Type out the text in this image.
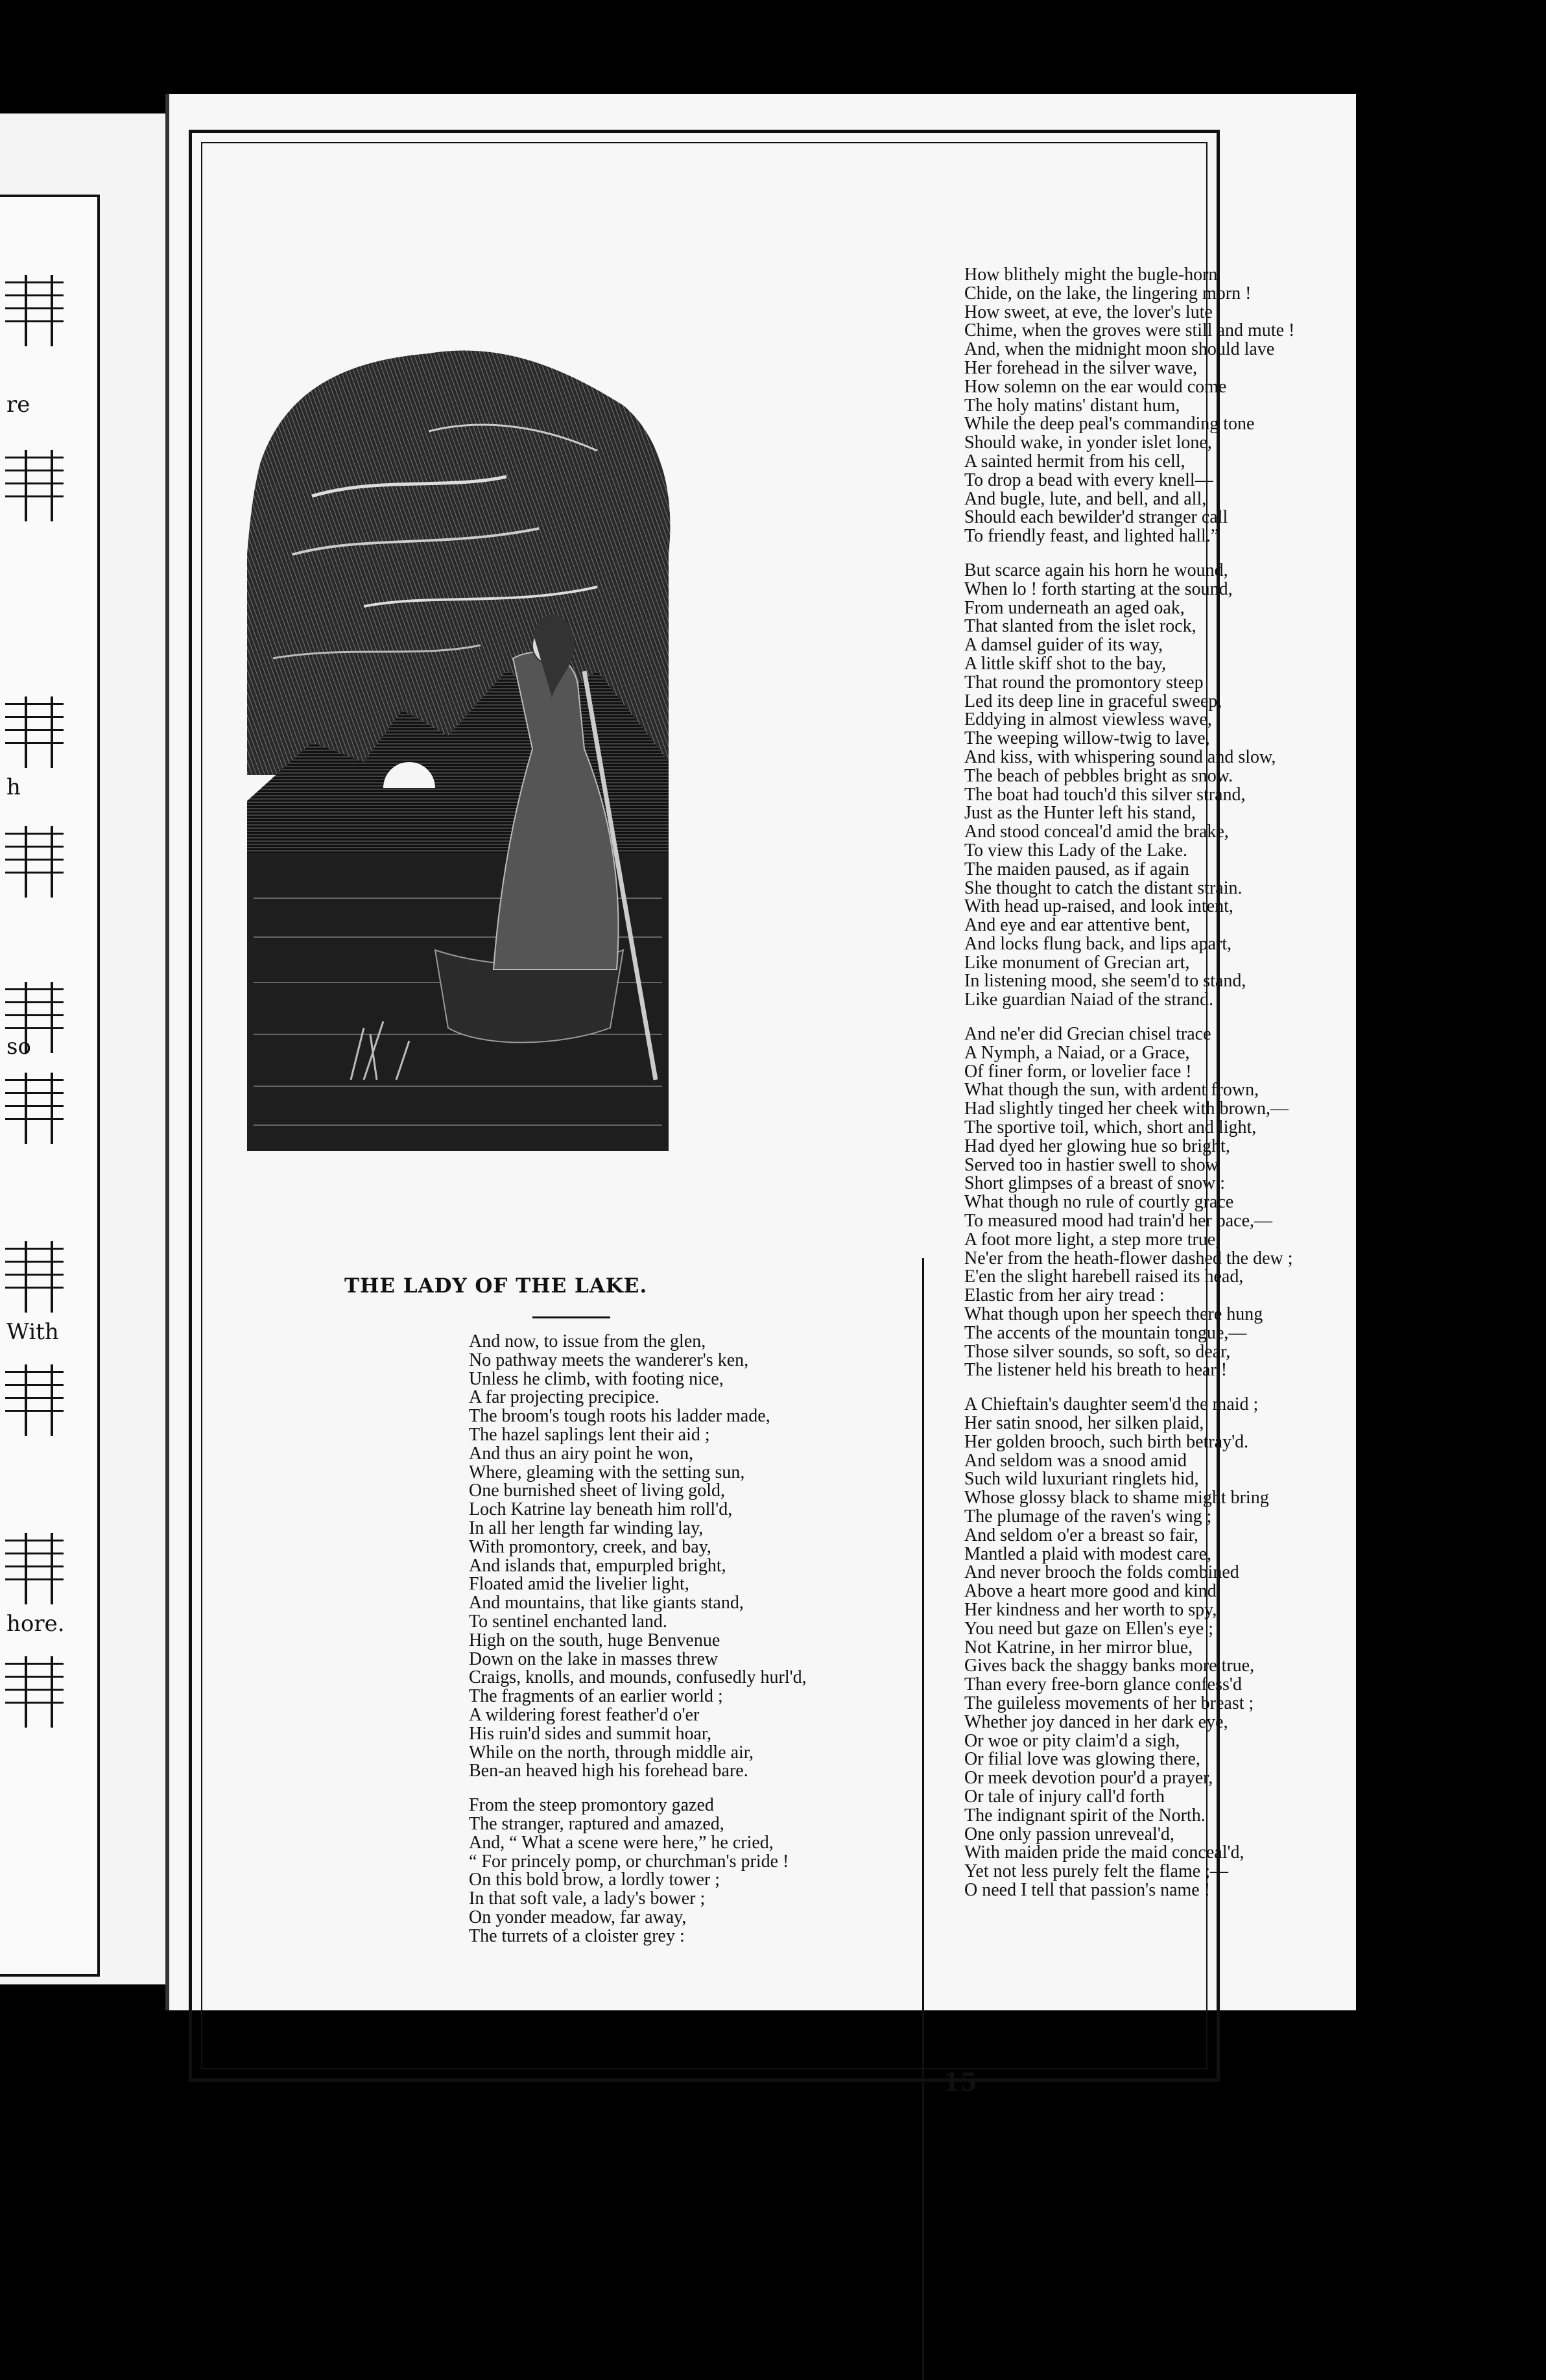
re
h
so
With
hore.
THE LADY OF THE LAKE.

And now, to issue from the glen,

No pathway meets the wanderer's ken,

Unless he climb, with footing nice,

A far projecting precipice.

The broom's tough roots his ladder made,

The hazel saplings lent their aid ;

And thus an airy point he won,

Where, gleaming with the setting sun,

One burnished sheet of living gold,

Loch Katrine lay beneath him roll'd,

In all her length far winding lay,

With promontory, creek, and bay,

And islands that, empurpled bright,

Floated amid the livelier light,

And mountains, that like giants stand,

To sentinel enchanted land.

High on the south, huge Benvenue

Down on the lake in masses threw

Craigs, knolls, and mounds, confusedly hurl'd,

The fragments of an earlier world ;

A wildering forest feather'd o'er

His ruin'd sides and summit hoar,

While on the north, through middle air,

Ben-an heaved high his forehead bare.

From the steep promontory gazed

The stranger, raptured and amazed,

And, “ What a scene were here,” he cried,

“ For princely pomp, or churchman's pride !

On this bold brow, a lordly tower ;

In that soft vale, a lady's bower ;

On yonder meadow, far away,

The turrets of a cloister grey :

How blithely might the bugle-horn

Chide, on the lake, the lingering morn !

How sweet, at eve, the lover's lute

Chime, when the groves were still and mute !

And, when the midnight moon should lave

Her forehead in the silver wave,

How solemn on the ear would come

The holy matins' distant hum,

While the deep peal's commanding tone

Should wake, in yonder islet lone,

A sainted hermit from his cell,

To drop a bead with every knell—

And bugle, lute, and bell, and all,

Should each bewilder'd stranger call

To friendly feast, and lighted hall.”

But scarce again his horn he wound,

When lo ! forth starting at the sound,

From underneath an aged oak,

That slanted from the islet rock,

A damsel guider of its way,

A little skiff shot to the bay,

That round the promontory steep

Led its deep line in graceful sweep,

Eddying in almost viewless wave,

The weeping willow-twig to lave,

And kiss, with whispering sound and slow,

The beach of pebbles bright as snow.

The boat had touch'd this silver strand,

Just as the Hunter left his stand,

And stood conceal'd amid the brake,

To view this Lady of the Lake.

The maiden paused, as if again

She thought to catch the distant strain.

With head up-raised, and look intent,

And eye and ear attentive bent,

And locks flung back, and lips apart,

Like monument of Grecian art,

In listening mood, she seem'd to stand,

Like guardian Naiad of the strand.

And ne'er did Grecian chisel trace

A Nymph, a Naiad, or a Grace,

Of finer form, or lovelier face !

What though the sun, with ardent frown,

Had slightly tinged her cheek with brown,—

The sportive toil, which, short and light,

Had dyed her glowing hue so bright,

Served too in hastier swell to show

Short glimpses of a breast of snow :

What though no rule of courtly grace

To measured mood had train'd her pace,—

A foot more light, a step more true,

Ne'er from the heath-flower dashed the dew ;

E'en the slight harebell raised its head,

Elastic from her airy tread :

What though upon her speech there hung

The accents of the mountain tongue,—

Those silver sounds, so soft, so dear,

The listener held his breath to hear !

A Chieftain's daughter seem'd the maid ;

Her satin snood, her silken plaid,

Her golden brooch, such birth betray'd.

And seldom was a snood amid

Such wild luxuriant ringlets hid,

Whose glossy black to shame might bring

The plumage of the raven's wing ;

And seldom o'er a breast so fair,

Mantled a plaid with modest care,

And never brooch the folds combined

Above a heart more good and kind.

Her kindness and her worth to spy,

You need but gaze on Ellen's eye ;

Not Katrine, in her mirror blue,

Gives back the shaggy banks more true,

Than every free-born glance confess'd

The guileless movements of her breast ;

Whether joy danced in her dark eye,

Or woe or pity claim'd a sigh,

Or filial love was glowing there,

Or meek devotion pour'd a prayer,

Or tale of injury call'd forth

The indignant spirit of the North.

One only passion unreveal'd,

With maiden pride the maid conceal'd,

Yet not less purely felt the flame ;—

O need I tell that passion's name !

15
